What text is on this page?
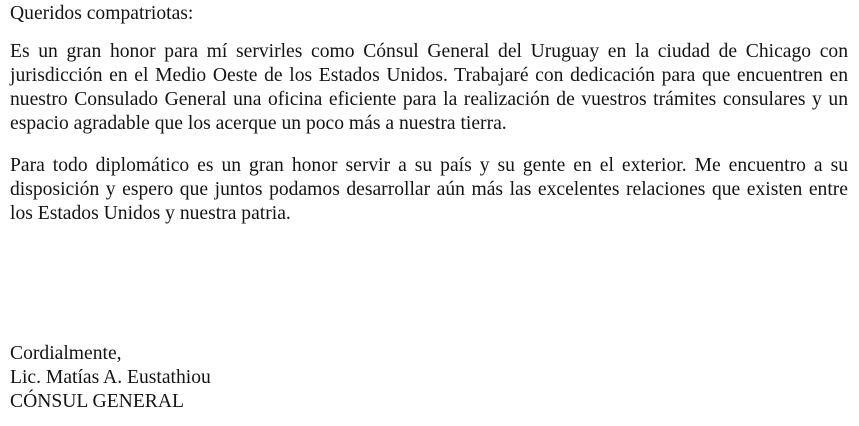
Queridos compatriotas:

Es un gran honor para mí servirles como Cónsul General del Uruguay en la ciudad de Chicago con jurisdicción en el Medio Oeste de los Estados Unidos. Trabajaré con dedicación para que encuentren en nuestro Consulado General una oficina eficiente para la realización de vuestros trámites consulares y un espacio agradable que los acerque un poco más a nuestra tierra.

Para todo diplomático es un gran honor servir a su país y su gente en el exterior. Me encuentro a su disposición y espero que juntos podamos desarrollar aún más las excelentes relaciones que existen entre los Estados Unidos y nuestra patria.

Cordialmente,
Lic. Matías A. Eustathiou
CÓNSUL GENERAL
